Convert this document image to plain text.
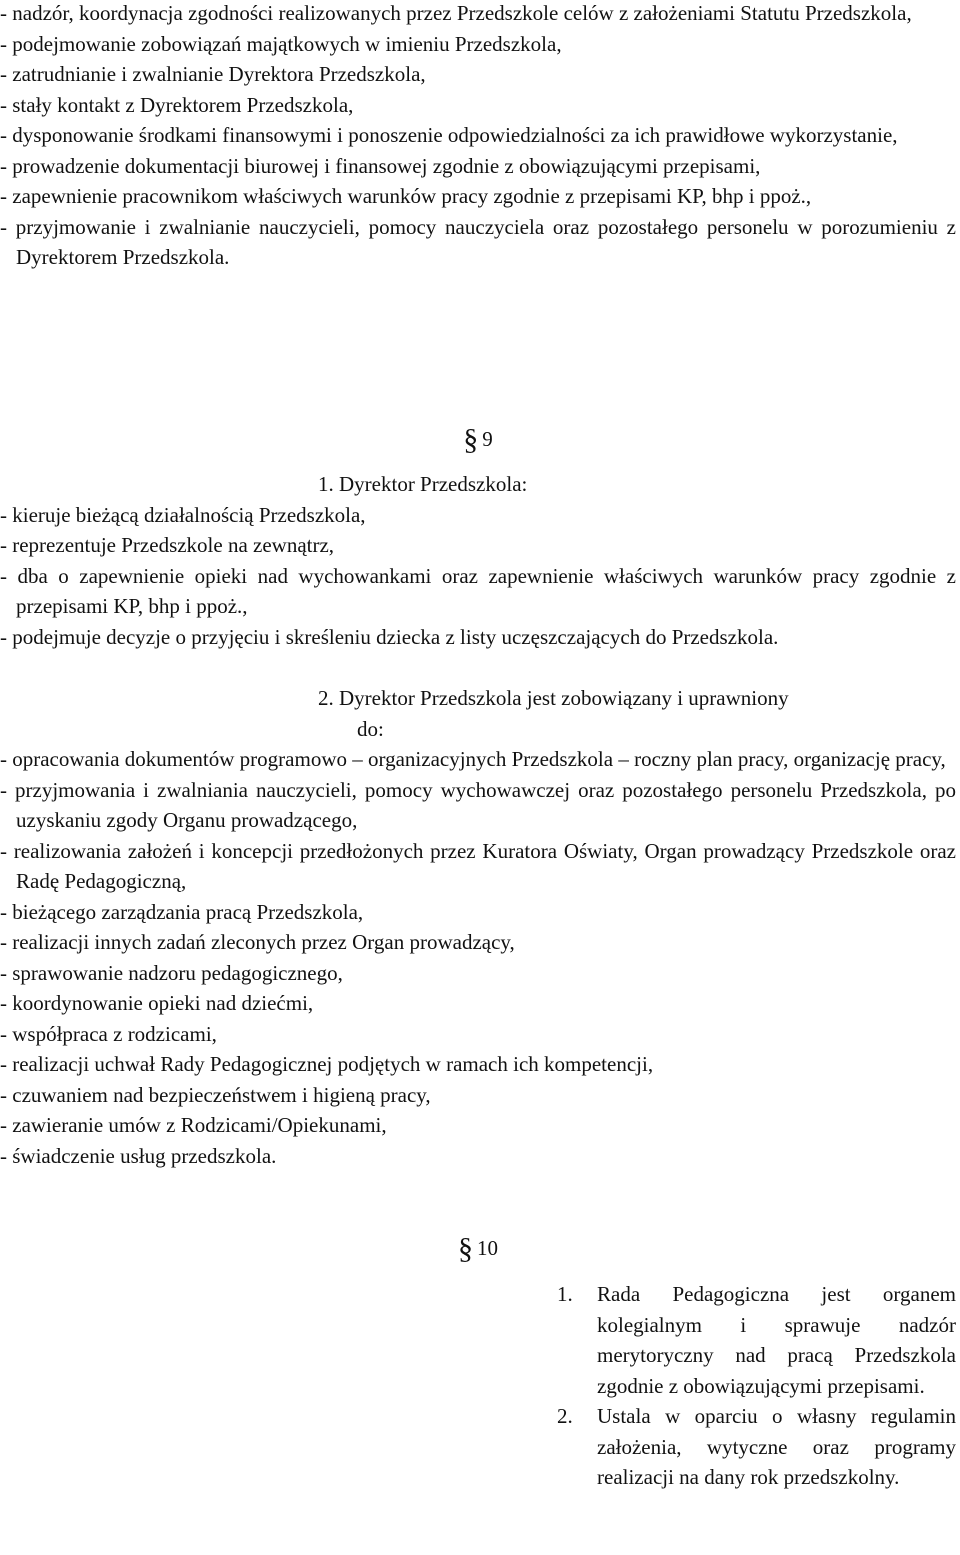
- nadzór, koordynacja zgodności realizowanych przez Przedszkole celów z założeniami Statutu Przedszkola,

- podejmowanie zobowiązań majątkowych w imieniu Przedszkola,

- zatrudnianie i zwalnianie Dyrektora Przedszkola,

- stały kontakt z Dyrektorem Przedszkola,

- dysponowanie środkami finansowymi i ponoszenie odpowiedzialności za ich prawidłowe wykorzystanie,

- prowadzenie dokumentacji biurowej i finansowej zgodnie z obowiązującymi przepisami,

- zapewnienie pracownikom właściwych warunków pracy zgodnie z przepisami KP, bhp i ppoż.,

- przyjmowanie i zwalnianie nauczycieli, pomocy nauczyciela oraz pozostałego personelu w porozumieniu z Dyrektorem Przedszkola.

§ 9

1. Dyrektor Przedszkola:

- kieruje bieżącą działalnością Przedszkola,

- reprezentuje Przedszkole na zewnątrz,

- dba o zapewnienie opieki nad wychowankami oraz zapewnienie właściwych warunków pracy zgodnie z przepisami KP, bhp i ppoż.,

- podejmuje decyzje o przyjęciu i skreśleniu dziecka z listy uczęszczających do Przedszkola.

2. Dyrektor Przedszkola jest zobowiązany i uprawniony

do:

- opracowania dokumentów programowo – organizacyjnych Przedszkola – roczny plan pracy, organizację pracy,

- przyjmowania i zwalniania nauczycieli, pomocy wychowawczej oraz pozostałego personelu Przedszkola, po uzyskaniu zgody Organu prowadzącego,

- realizowania założeń i koncepcji przedłożonych przez Kuratora Oświaty, Organ prowadzący Przedszkole oraz Radę Pedagogiczną,

- bieżącego zarządzania pracą Przedszkola,

- realizacji innych zadań zleconych przez Organ prowadzący,

- sprawowanie nadzoru pedagogicznego,

- koordynowanie opieki nad dziećmi,

- współpraca z rodzicami,

- realizacji uchwał Rady Pedagogicznej podjętych w ramach ich kompetencji,

- czuwaniem nad bezpieczeństwem i higieną pracy,

- zawieranie umów z Rodzicami/Opiekunami,

- świadczenie usług przedszkola.

§ 10
1.	Rada Pedagogiczna jest organem kolegialnym i sprawuje nadzór merytoryczny nad pracą Przedszkola zgodnie z obowiązującymi przepisami.
2.	Ustala w oparciu o własny regulamin założenia, wytyczne oraz programy realizacji na dany rok przedszkolny.
